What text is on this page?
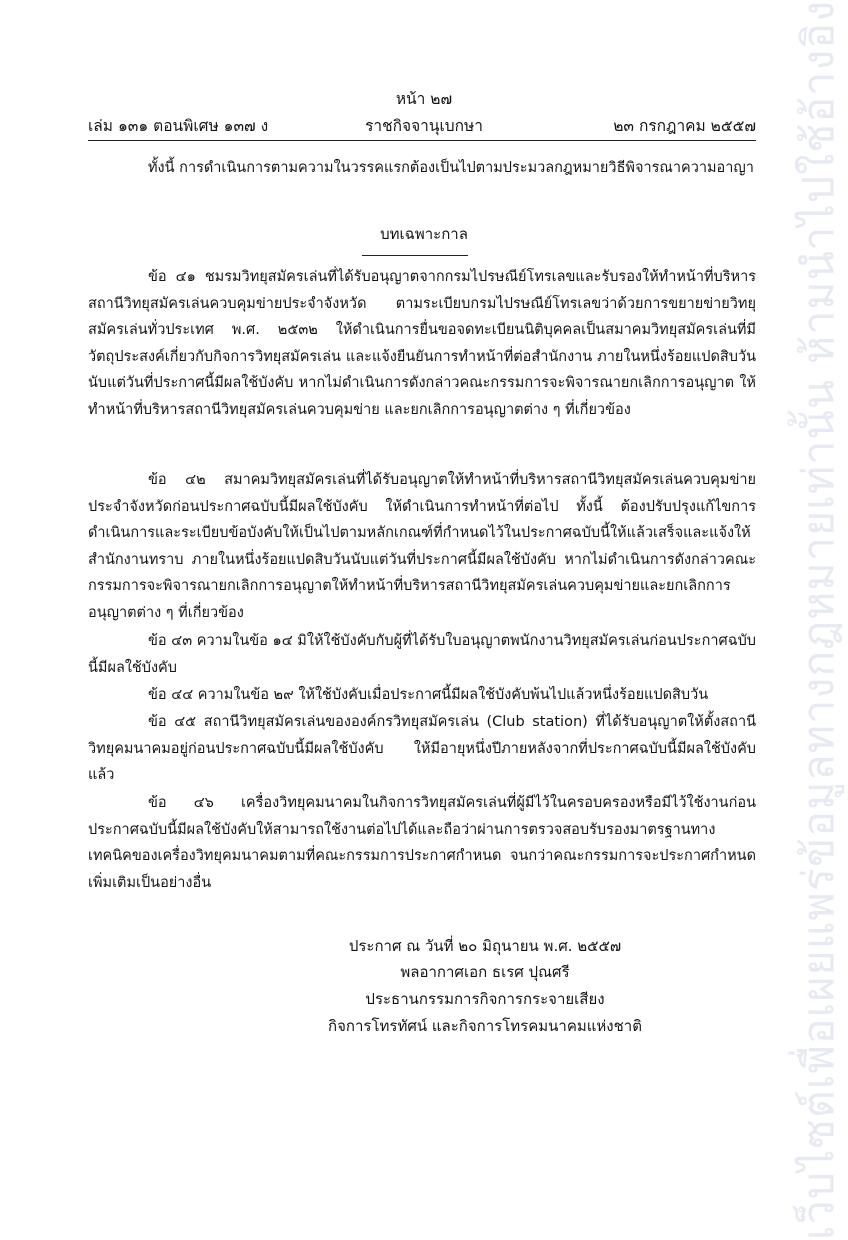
เว็บไซต์เพื่อเผยแพร่ข้อมูลทางกฎหมายเท่านั้น ห้ามนำไปใช้อ้างอิง
หน้า ๒๗
เล่ม ๑๓๑ ตอนพิเศษ ๑๓๗ ง	ราชกิจจานุเบกษา	๒๓ กรกฎาคม ๒๕๕๗

ทั้งนี้ การดำเนินการตามความในวรรคแรกต้องเป็นไปตามประมวลกฎหมายวิธีพิจารณาความอาญา

บทเฉพาะกาล

ข้อ ๔๑ ชมรมวิทยุสมัครเล่นที่ได้รับอนุญาตจากกรมไปรษณีย์โทรเลขและรับรองให้ทำหน้าที่บริหารสถานีวิทยุสมัครเล่นควบคุมข่ายประจำจังหวัด ตามระเบียบกรมไปรษณีย์โทรเลขว่าด้วยการขยายข่ายวิทยุสมัครเล่นทั่วประเทศ พ.ศ. ๒๕๓๒ ให้ดำเนินการยื่นขอจดทะเบียนนิติบุคคลเป็นสมาคมวิทยุสมัครเล่นที่มีวัตถุประสงค์เกี่ยวกับกิจการวิทยุสมัครเล่น และแจ้งยืนยันการทำหน้าที่ต่อสำนักงาน ภายในหนึ่งร้อยแปดสิบวันนับแต่วันที่ประกาศนี้มีผลใช้บังคับ หากไม่ดำเนินการดังกล่าวคณะกรรมการจะพิจารณายกเลิกการอนุญาต ให้ทำหน้าที่บริหารสถานีวิทยุสมัครเล่นควบคุมข่าย และยกเลิกการอนุญาตต่าง ๆ ที่เกี่ยวข้อง

ข้อ ๔๒ สมาคมวิทยุสมัครเล่นที่ได้รับอนุญาตให้ทำหน้าที่บริหารสถานีวิทยุสมัครเล่นควบคุมข่ายประจำจังหวัดก่อนประกาศฉบับนี้มีผลใช้บังคับ ให้ดำเนินการทำหน้าที่ต่อไป ทั้งนี้ ต้องปรับปรุงแก้ไขการดำเนินการและระเบียบข้อบังคับให้เป็นไปตามหลักเกณฑ์ที่กำหนดไว้ในประกาศฉบับนี้ให้แล้วเสร็จและแจ้งให้สำนักงานทราบ ภายในหนึ่งร้อยแปดสิบวันนับแต่วันที่ประกาศนี้มีผลใช้บังคับ หากไม่ดำเนินการดังกล่าวคณะกรรมการจะพิจารณายกเลิกการอนุญาตให้ทำหน้าที่บริหารสถานีวิทยุสมัครเล่นควบคุมข่ายและยกเลิกการอนุญาตต่าง ๆ ที่เกี่ยวข้อง

ข้อ ๔๓ ความในข้อ ๑๔ มิให้ใช้บังคับกับผู้ที่ได้รับใบอนุญาตพนักงานวิทยุสมัครเล่นก่อนประกาศฉบับนี้มีผลใช้บังคับ

ข้อ ๔๔ ความในข้อ ๒๙ ให้ใช้บังคับเมื่อประกาศนี้มีผลใช้บังคับพ้นไปแล้วหนึ่งร้อยแปดสิบวัน

ข้อ ๔๕ สถานีวิทยุสมัครเล่นขององค์กรวิทยุสมัครเล่น (Club station) ที่ได้รับอนุญาตให้ตั้งสถานีวิทยุคมนาคมอยู่ก่อนประกาศฉบับนี้มีผลใช้บังคับ ให้มีอายุหนึ่งปีภายหลังจากที่ประกาศฉบับนี้มีผลใช้บังคับแล้ว

ข้อ ๔๖ เครื่องวิทยุคมนาคมในกิจการวิทยุสมัครเล่นที่ผู้มีไว้ในครอบครองหรือมีไว้ใช้งานก่อนประกาศฉบับนี้มีผลใช้บังคับให้สามารถใช้งานต่อไปได้และถือว่าผ่านการตรวจสอบรับรองมาตรฐานทางเทคนิคของเครื่องวิทยุคมนาคมตามที่คณะกรรมการประกาศกำหนด จนกว่าคณะกรรมการจะประกาศกำหนดเพิ่มเติมเป็นอย่างอื่น

ประกาศ ณ วันที่ ๒๐ มิถุนายน พ.ศ. ๒๕๕๗
พลอากาศเอก ธเรศ ปุณศรี
ประธานกรรมการกิจการกระจายเสียง
กิจการโทรทัศน์ และกิจการโทรคมนาคมแห่งชาติ
